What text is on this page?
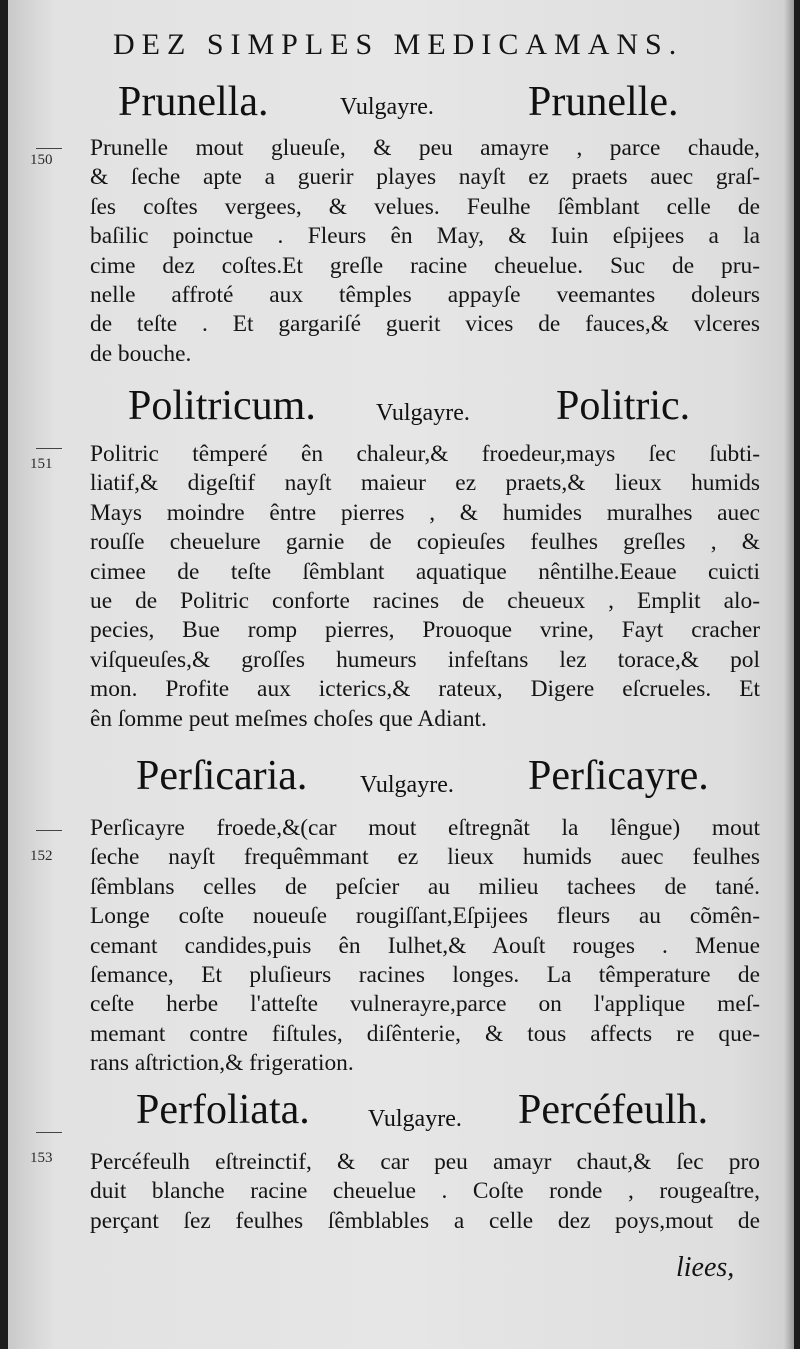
DEZ SIMPLES MEDICAMANS.
150
Prunella.	Vulgayre. Prunelle.
Prunelle mout glueuſe, & peu amayre , parce chaude,
& ſeche apte a guerir playes nayſt ez praets auec graſ-
ſes coſtes vergees, & velues. Feulhe ſêmblant celle de
baſilic poinctue . Fleurs ên May, & Iuin eſpijees a la
cime dez coſtes.Et greſle racine cheuelue. Suc de pru-
nelle affroté aux têmples appayſe veemantes doleurs
de teſte . Et gargariſé guerit vices de fauces,& vlceres
de bouche.
151
Politricum.	Vulgayre. Politric.
Politric têmperé ên chaleur,& froedeur,mays ſec ſubti-
liatif,& digeſtif nayſt maieur ez praets,& lieux humids
Mays moindre êntre pierres , & humides muralhes auec
rouſſe cheuelure garnie de copieuſes feulhes greſles , &
cimee de teſte ſêmblant aquatique nêntilhe.Eeaue cuicti
ue de Politric conforte racines de cheueux , Emplit alo-
pecies, Bue romp pierres, Prouoque vrine, Fayt cracher
viſqueuſes,& groſſes humeurs infeſtans lez torace,& pol
mon. Profite aux icterics,& rateux, Digere eſcrueles. Et
ên ſomme peut meſmes choſes que Adiant.
152
Perſicaria. Vulgayre. Perſicayre.
Perſicayre froede,&(car mout eſtregnãt la lêngue) mout
ſeche nayſt frequêmmant ez lieux humids auec feulhes
ſêmblans celles de peſcier au milieu tachees de tané.
Longe coſte noueuſe rougiſſant,Eſpijees fleurs au cõmên-
cemant candides,puis ên Iulhet,& Aouſt rouges . Menue
ſemance, Et pluſieurs racines longes. La têmperature de
ceſte herbe l'atteſte vulnerayre,parce on l'applique meſ-
memant contre fiſtules, diſênterie, & tous affects re que-
rans aſtriction,& frigeration.
153
Perfoliata. Vulgayre. Percéfeulh.
Percéfeulh eſtreinctif, & car peu amayr chaut,& ſec pro
duit blanche racine cheuelue . Coſte ronde , rougeaſtre,
perçant ſez feulhes ſêmblables a celle dez poys,mout de
liees,
